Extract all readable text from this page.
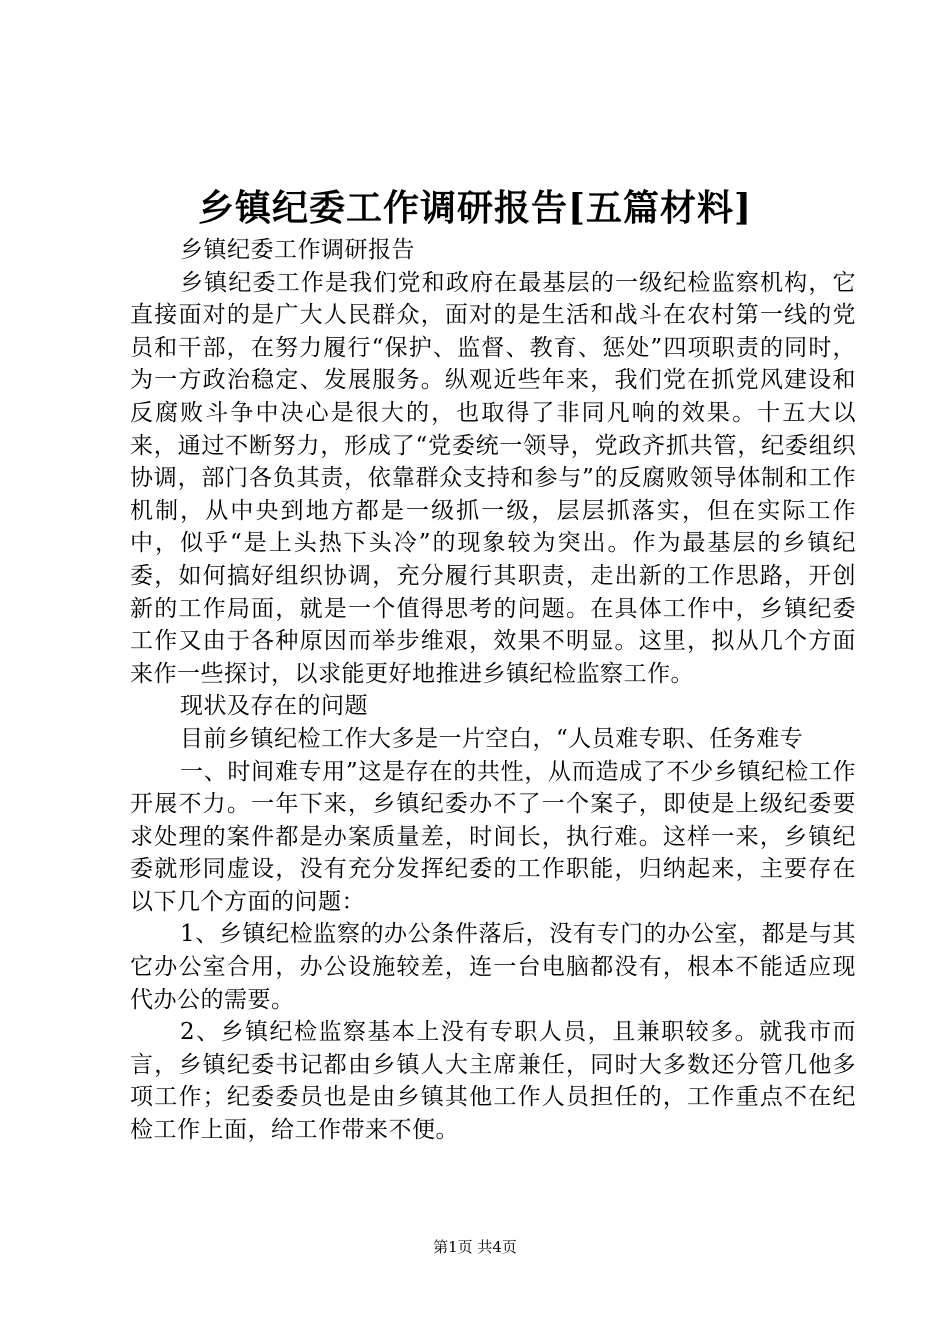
乡镇纪委工作调研报告[五篇材料]

乡镇纪委工作调研报告

乡镇纪委工作是我们党和政府在最基层的一级纪检监察机构，它直接面对的是广大人民群众，面对的是生活和战斗在农村第一线的党员和干部，在努力履行“保护、监督、教育、惩处”四项职责的同时，为一方政治稳定、发展服务。纵观近些年来，我们党在抓党风建设和反腐败斗争中决心是很大的，也取得了非同凡响的效果。十五大以来，通过不断努力，形成了“党委统一领导，党政齐抓共管，纪委组织协调，部门各负其责，依靠群众支持和参与”的反腐败领导体制和工作机制，从中央到地方都是一级抓一级，层层抓落实，但在实际工作中，似乎“是上头热下头冷”的现象较为突出。作为最基层的乡镇纪委，如何搞好组织协调，充分履行其职责，走出新的工作思路，开创新的工作局面，就是一个值得思考的问题。在具体工作中，乡镇纪委工作又由于各种原因而举步维艰，效果不明显。这里，拟从几个方面来作一些探讨，以求能更好地推进乡镇纪检监察工作。

现状及存在的问题

目前乡镇纪检工作大多是一片空白，“人员难专职、任务难专

一、时间难专用”这是存在的共性，从而造成了不少乡镇纪检工作开展不力。一年下来，乡镇纪委办不了一个案子，即使是上级纪委要求处理的案件都是办案质量差，时间长，执行难。这样一来，乡镇纪委就形同虚设，没有充分发挥纪委的工作职能，归纳起来，主要存在以下几个方面的问题：

1、乡镇纪检监察的办公条件落后，没有专门的办公室，都是与其它办公室合用，办公设施较差，连一台电脑都没有，根本不能适应现代办公的需要。

2、乡镇纪检监察基本上没有专职人员，且兼职较多。就我市而言，乡镇纪委书记都由乡镇人大主席兼任，同时大多数还分管几他多项工作；纪委委员也是由乡镇其他工作人员担任的，工作重点不在纪检工作上面，给工作带来不便。

第1页 共4页
